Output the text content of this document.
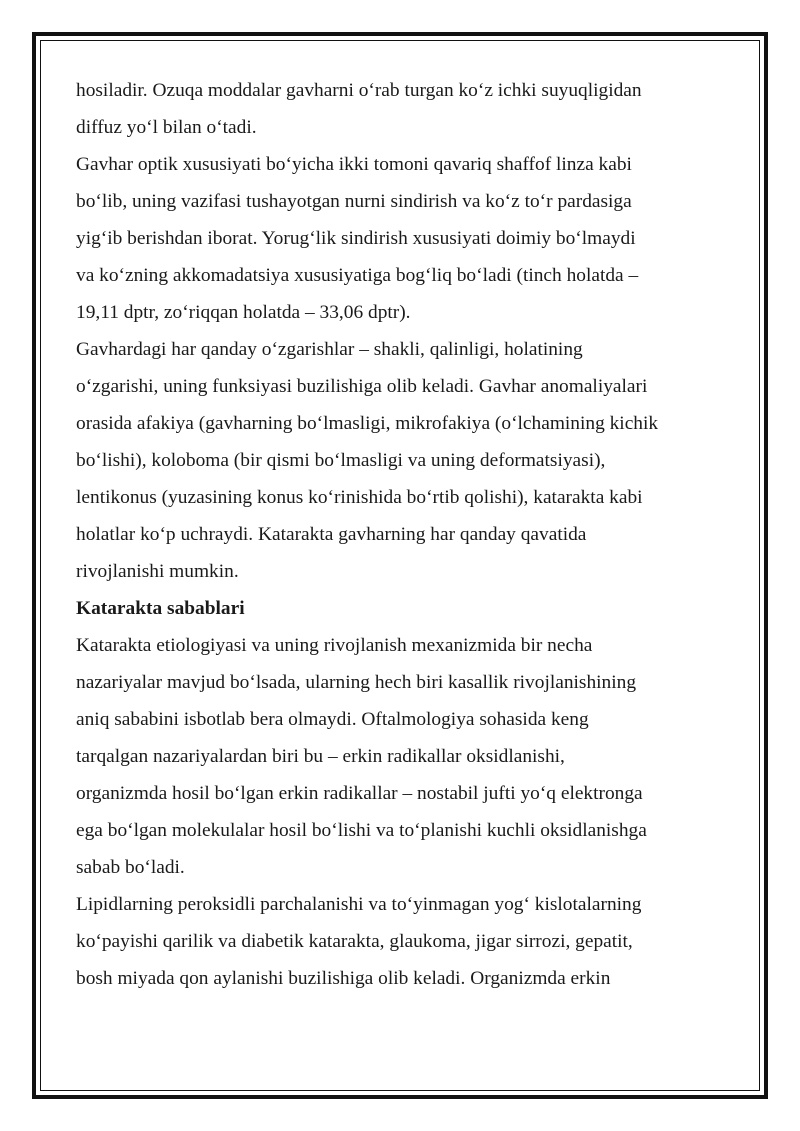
hosiladir. Ozuqa moddalar gavharni o‘rab turgan ko‘z ichki suyuqligidan
diffuz yo‘l bilan o‘tadi.
Gavhar optik xususiyati bo‘yicha ikki tomoni qavariq shaffof linza kabi
bo‘lib, uning vazifasi tushayotgan nurni sindirish va ko‘z to‘r pardasiga
yig‘ib berishdan iborat. Yorug‘lik sindirish xususiyati doimiy bo‘lmaydi
va ko‘zning akkomadatsiya xususiyatiga bog‘liq bo‘ladi (tinch holatda –
19,11 dptr, zo‘riqqan holatda – 33,06 dptr).
Gavhardagi har qanday o‘zgarishlar – shakli, qalinligi, holatining
o‘zgarishi, uning funksiyasi buzilishiga olib keladi. Gavhar anomaliyalari
orasida afakiya (gavharning bo‘lmasligi, mikrofakiya (o‘lchamining kichik
bo‘lishi), koloboma (bir qismi bo‘lmasligi va uning deformatsiyasi),
lentikonus (yuzasining konus ko‘rinishida bo‘rtib qolishi), katarakta kabi
holatlar ko‘p uchraydi. Katarakta gavharning har qanday qavatida
rivojlanishi mumkin.
Katarakta sabablari
Katarakta etiologiyasi va uning rivojlanish mexanizmida bir necha
nazariyalar mavjud bo‘lsada, ularning hech biri kasallik rivojlanishining
aniq sababini isbotlab bera olmaydi. Oftalmologiya sohasida keng
tarqalgan nazariyalardan biri bu – erkin radikallar oksidlanishi,
organizmda hosil bo‘lgan erkin radikallar – nostabil jufti yo‘q elektronga
ega bo‘lgan molekulalar hosil bo‘lishi va to‘planishi kuchli oksidlanishga
sabab bo‘ladi.
Lipidlarning peroksidli parchalanishi va to‘yinmagan yog‘ kislotalarning
ko‘payishi qarilik va diabetik katarakta, glaukoma, jigar sirrozi, gepatit,
bosh miyada qon aylanishi buzilishiga olib keladi. Organizmda erkin
